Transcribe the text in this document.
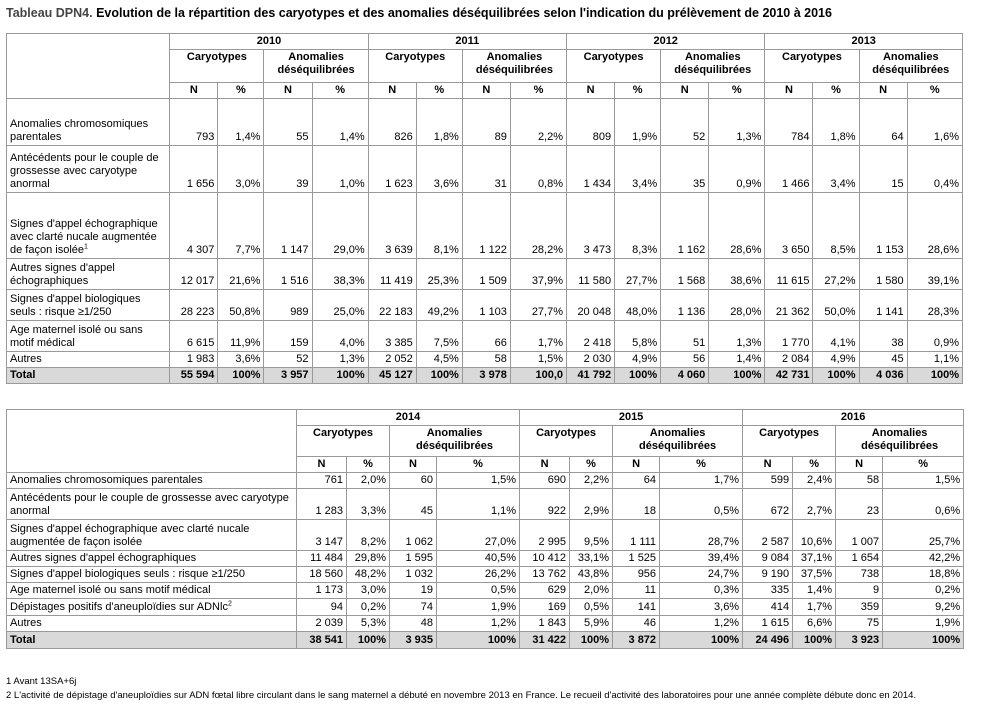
Tableau DPN4. Evolution de la répartition des caryotypes et des anomalies déséquilibrées selon l'indication du prélèvement de 2010 à 2016
	2010				2011				2012				2013			
	Caryotypes		Anomalies déséquilibrées		Caryotypes		Anomalies déséquilibrées		Caryotypes		Anomalies déséquilibrées		Caryotypes		Anomalies déséquilibrées	
	N	%	N	%	N	%	N	%	N	%	N	%	N	%	N	%
Anomalies chromosomiques parentales	793	1,4%	55	1,4%	826	1,8%	89	2,2%	809	1,9%	52	1,3%	784	1,8%	64	1,6%
Antécédents pour le couple de grossesse avec caryotype anormal	1 656	3,0%	39	1,0%	1 623	3,6%	31	0,8%	1 434	3,4%	35	0,9%	1 466	3,4%	15	0,4%
Signes d'appel échographique avec clarté nucale augmentée de façon isolée$^1$	4 307	7,7%	1 147	29,0%	3 639	8,1%	1 122	28,2%	3 473	8,3%	1 162	28,6%	3 650	8,5%	1 153	28,6%
Autres signes d'appel échographiques	12 017	21,6%	1 516	38,3%	11 419	25,3%	1 509	37,9%	11 580	27,7%	1 568	38,6%	11 615	27,2%	1 580	39,1%
Signes d'appel biologiques seuls : risque ≥1/250	28 223	50,8%	989	25,0%	22 183	49,2%	1 103	27,7%	20 048	48,0%	1 136	28,0%	21 362	50,0%	1 141	28,3%
Age maternel isolé ou sans motif médical	6 615	11,9%	159	4,0%	3 385	7,5%	66	1,7%	2 418	5,8%	51	1,3%	1 770	4,1%	38	0,9%
Autres	1 983	3,6%	52	1,3%	2 052	4,5%	58	1,5%	2 030	4,9%	56	1,4%	2 084	4,9%	45	1,1%
Total	55 594	100%	3 957	100%	45 127	100%	3 978	100,0	41 792	100%	4 060	100%	42 731	100%	4 036	100%
	2014				2015				2016			
	Caryotypes		Anomalies déséquilibrées		Caryotypes		Anomalies déséquilibrées		Caryotypes		Anomalies déséquilibrées	
	N	%	N	%	N	%	N	%	N	%	N	%
Anomalies chromosomiques parentales	761	2,0%	60	1,5%	690	2,2%	64	1,7%	599	2,4%	58	1,5%
Antécédents pour le couple de grossesse avec caryotype anormal	1 283	3,3%	45	1,1%	922	2,9%	18	0,5%	672	2,7%	23	0,6%
Signes d'appel échographique avec clarté nucale augmentée de façon isolée	3 147	8,2%	1 062	27,0%	2 995	9,5%	1 111	28,7%	2 587	10,6%	1 007	25,7%
Autres signes d'appel échographiques	11 484	29,8%	1 595	40,5%	10 412	33,1%	1 525	39,4%	9 084	37,1%	1 654	42,2%
Signes d'appel biologiques seuls : risque ≥1/250	18 560	48,2%	1 032	26,2%	13 762	43,8%	956	24,7%	9 190	37,5%	738	18,8%
Age maternel isolé ou sans motif médical	1 173	3,0%	19	0,5%	629	2,0%	11	0,3%	335	1,4%	9	0,2%
Dépistages positifs d'aneuploïdies sur ADNlc$^2$	94	0,2%	74	1,9%	169	0,5%	141	3,6%	414	1,7%	359	9,2%
Autres	2 039	5,3%	48	1,2%	1 843	5,9%	46	1,2%	1 615	6,6%	75	1,9%
Total	38 541	100%	3 935	100%	31 422	100%	3 872	100%	24 496	100%	3 923	100%
1 Avant 13SA+6j
2 L'activité de dépistage d'aneuploïdies sur ADN fœtal libre circulant dans le sang maternel a débuté en novembre 2013 en France. Le recueil d'activité des laboratoires pour une année complète débute donc en 2014.
